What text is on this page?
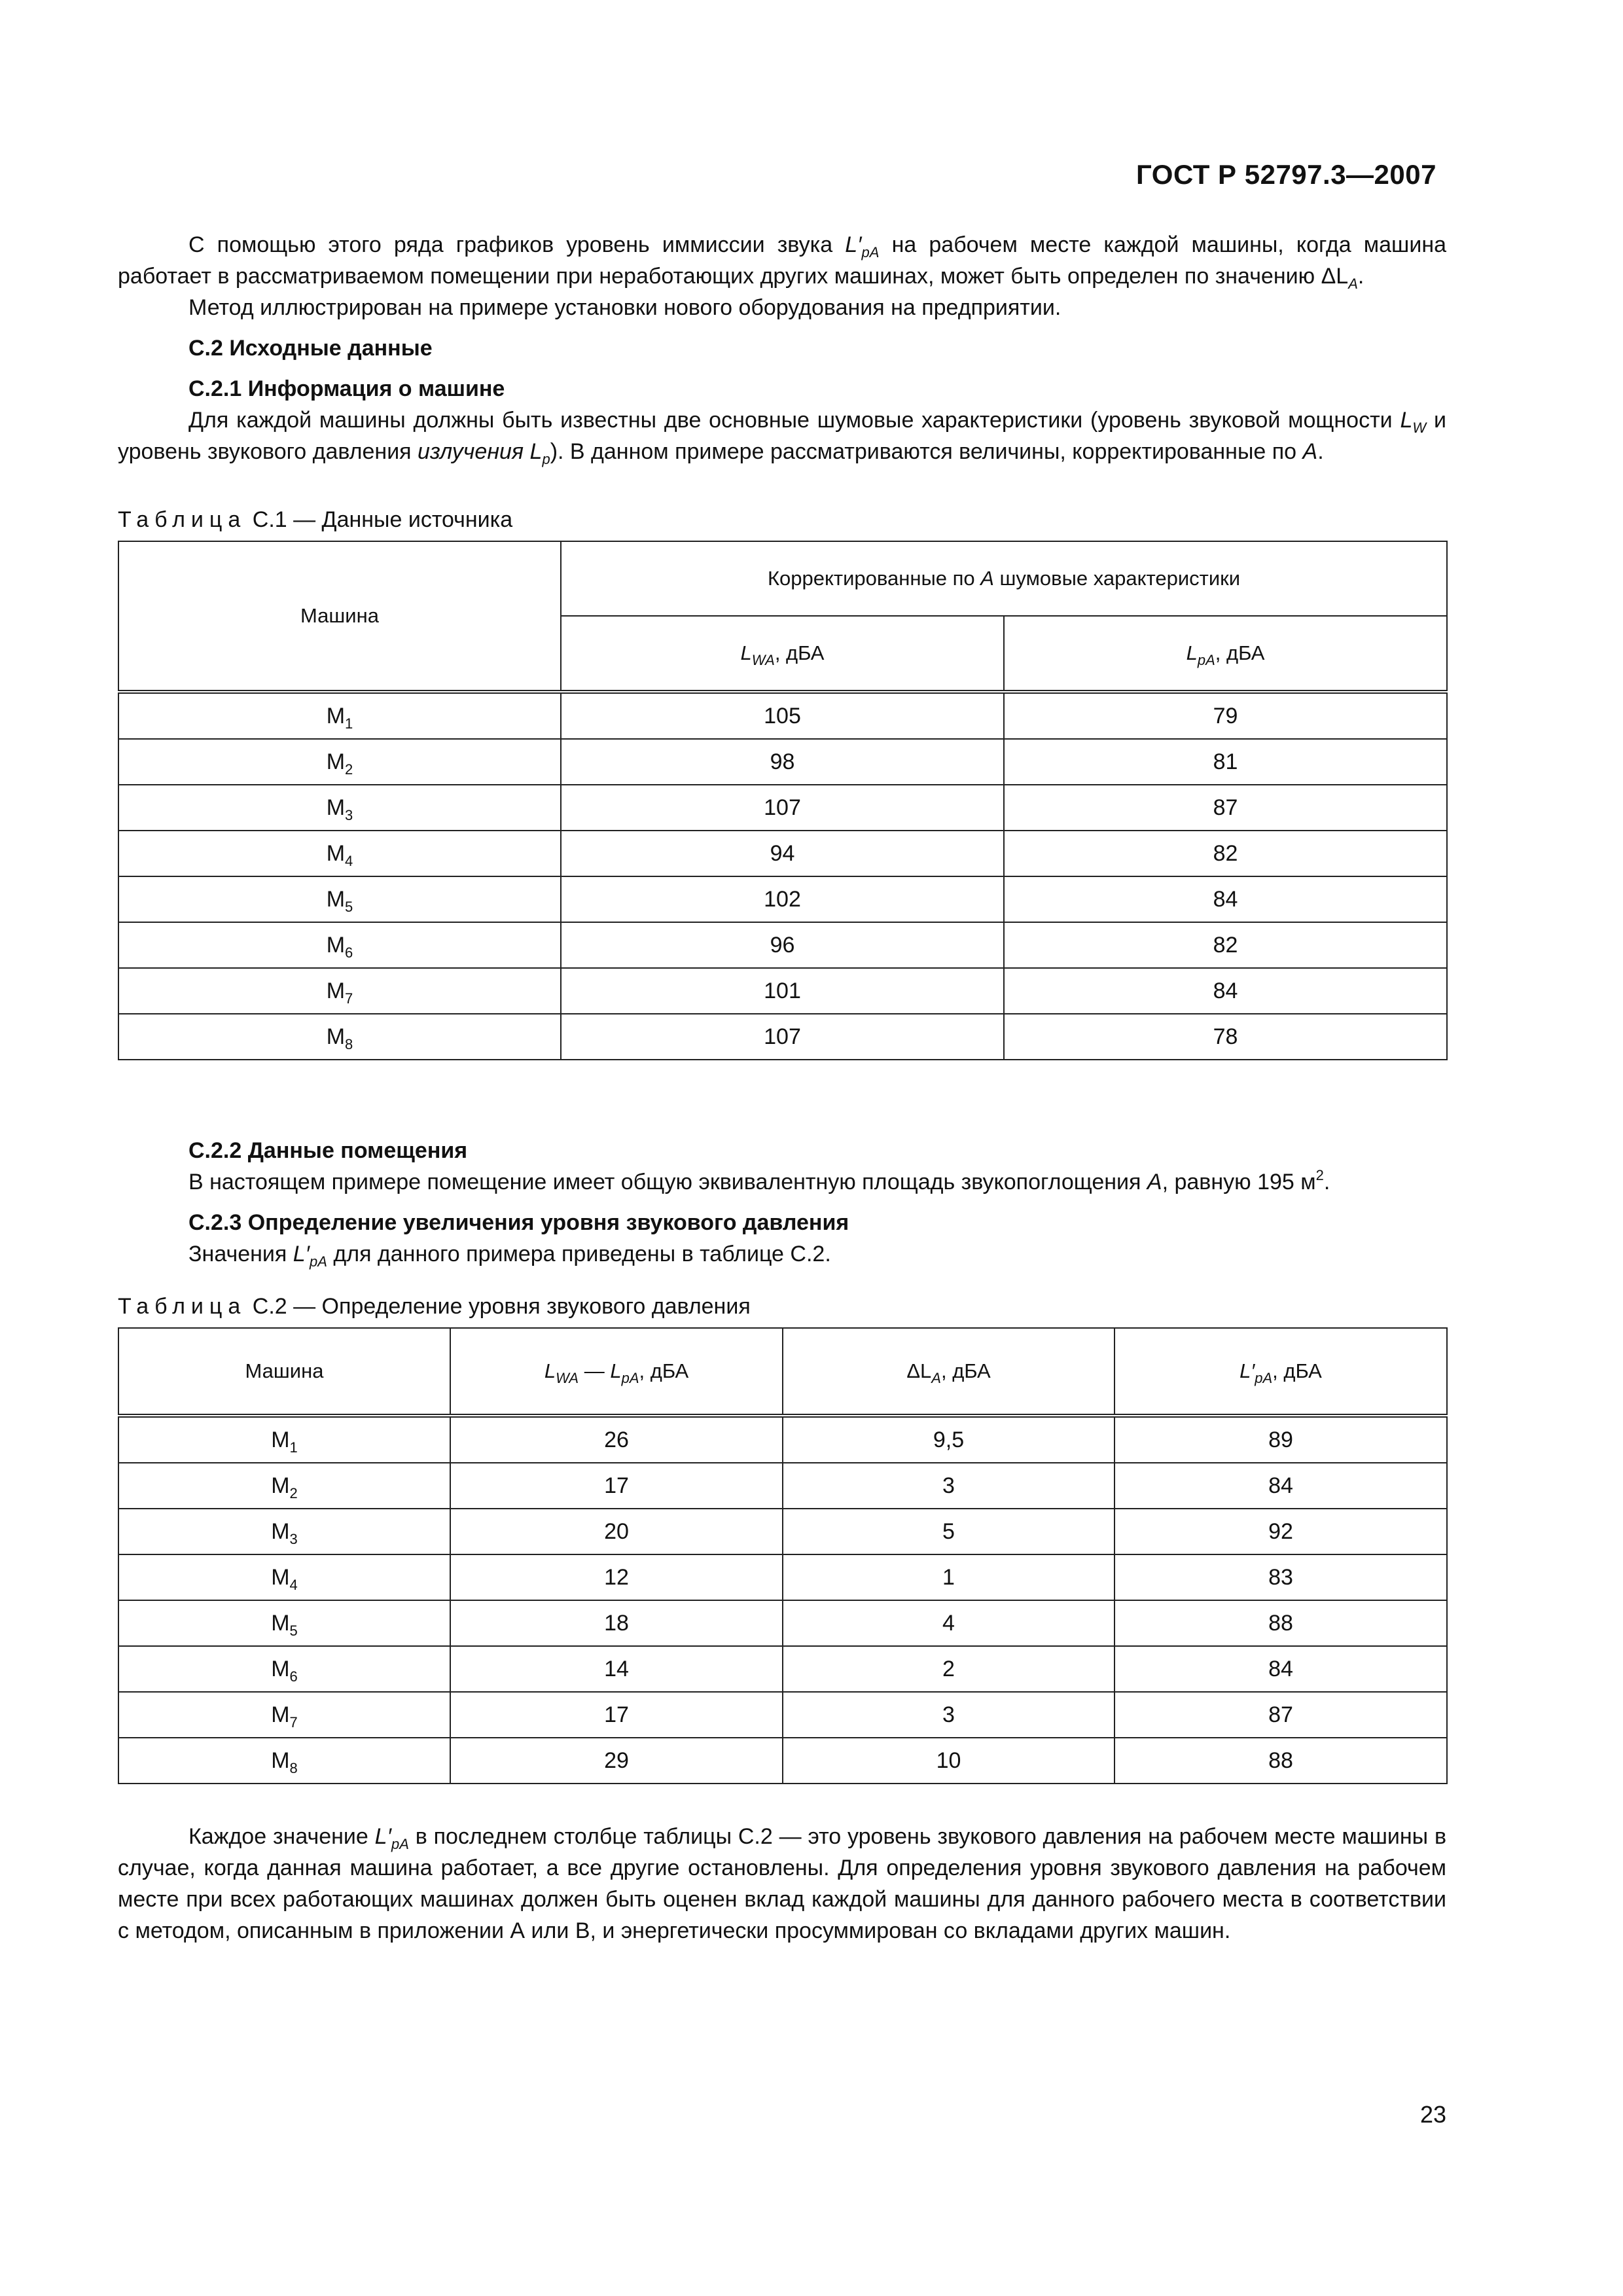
ГОСТ Р 52797.3—2007

С помощью этого ряда графиков уровень иммиссии звука $L'_{pA}$ на рабочем месте каждой машины, когда машина работает в рассматриваемом помещении при неработающих других машинах, может быть определен по значению $\Delta L_A$.

Метод иллюстрирован на примере установки нового оборудования на предприятии.

C.2 Исходные данные

C.2.1 Информация о машине

Для каждой машины должны быть известны две основные шумовые характеристики (уровень звуковой мощности $L_W$ и уровень звукового давления излучения $L_p$). В данном примере рассматриваются величины, корректированные по A.

Таблица C.1 — Данные источника

Машина	Корректированные по А шумовые характеристики	
	$L_{WA}$, дБА	$L_{pA}$, дБА
$M_1$	105	79
$M_2$	98	81
$M_3$	107	87
$M_4$	94	82
$M_5$	102	84
$M_6$	96	82
$M_7$	101	84
$M_8$	107	78

C.2.2 Данные помещения

В настоящем примере помещение имеет общую эквивалентную площадь звукопоглощения A, равную 195 $м^2$.

C.2.3 Определение увеличения уровня звукового давления

Значения $L'_{pA}$ для данного примера приведены в таблице C.2.

Таблица C.2 — Определение уровня звукового давления

Машина	$L_{WA}$ — $L_{pA}$, дБА	$\Delta L_A$, дБА	$L'_{pA}$, дБА
$M_1$	26	9,5	89
$M_2$	17	3	84
$M_3$	20	5	92
$M_4$	12	1	83
$M_5$	18	4	88
$M_6$	14	2	84
$M_7$	17	3	87
$M_8$	29	10	88

Каждое значение $L'_{pA}$ в последнем столбце таблицы C.2 — это уровень звукового давления на рабочем месте машины в случае, когда данная машина работает, а все другие остановлены. Для определения уровня звукового давления на рабочем месте при всех работающих машинах должен быть оценен вклад каждой машины для данного рабочего места в соответствии с методом, описанным в приложении А или В, и энергетически просуммирован со вкладами других машин.

23
